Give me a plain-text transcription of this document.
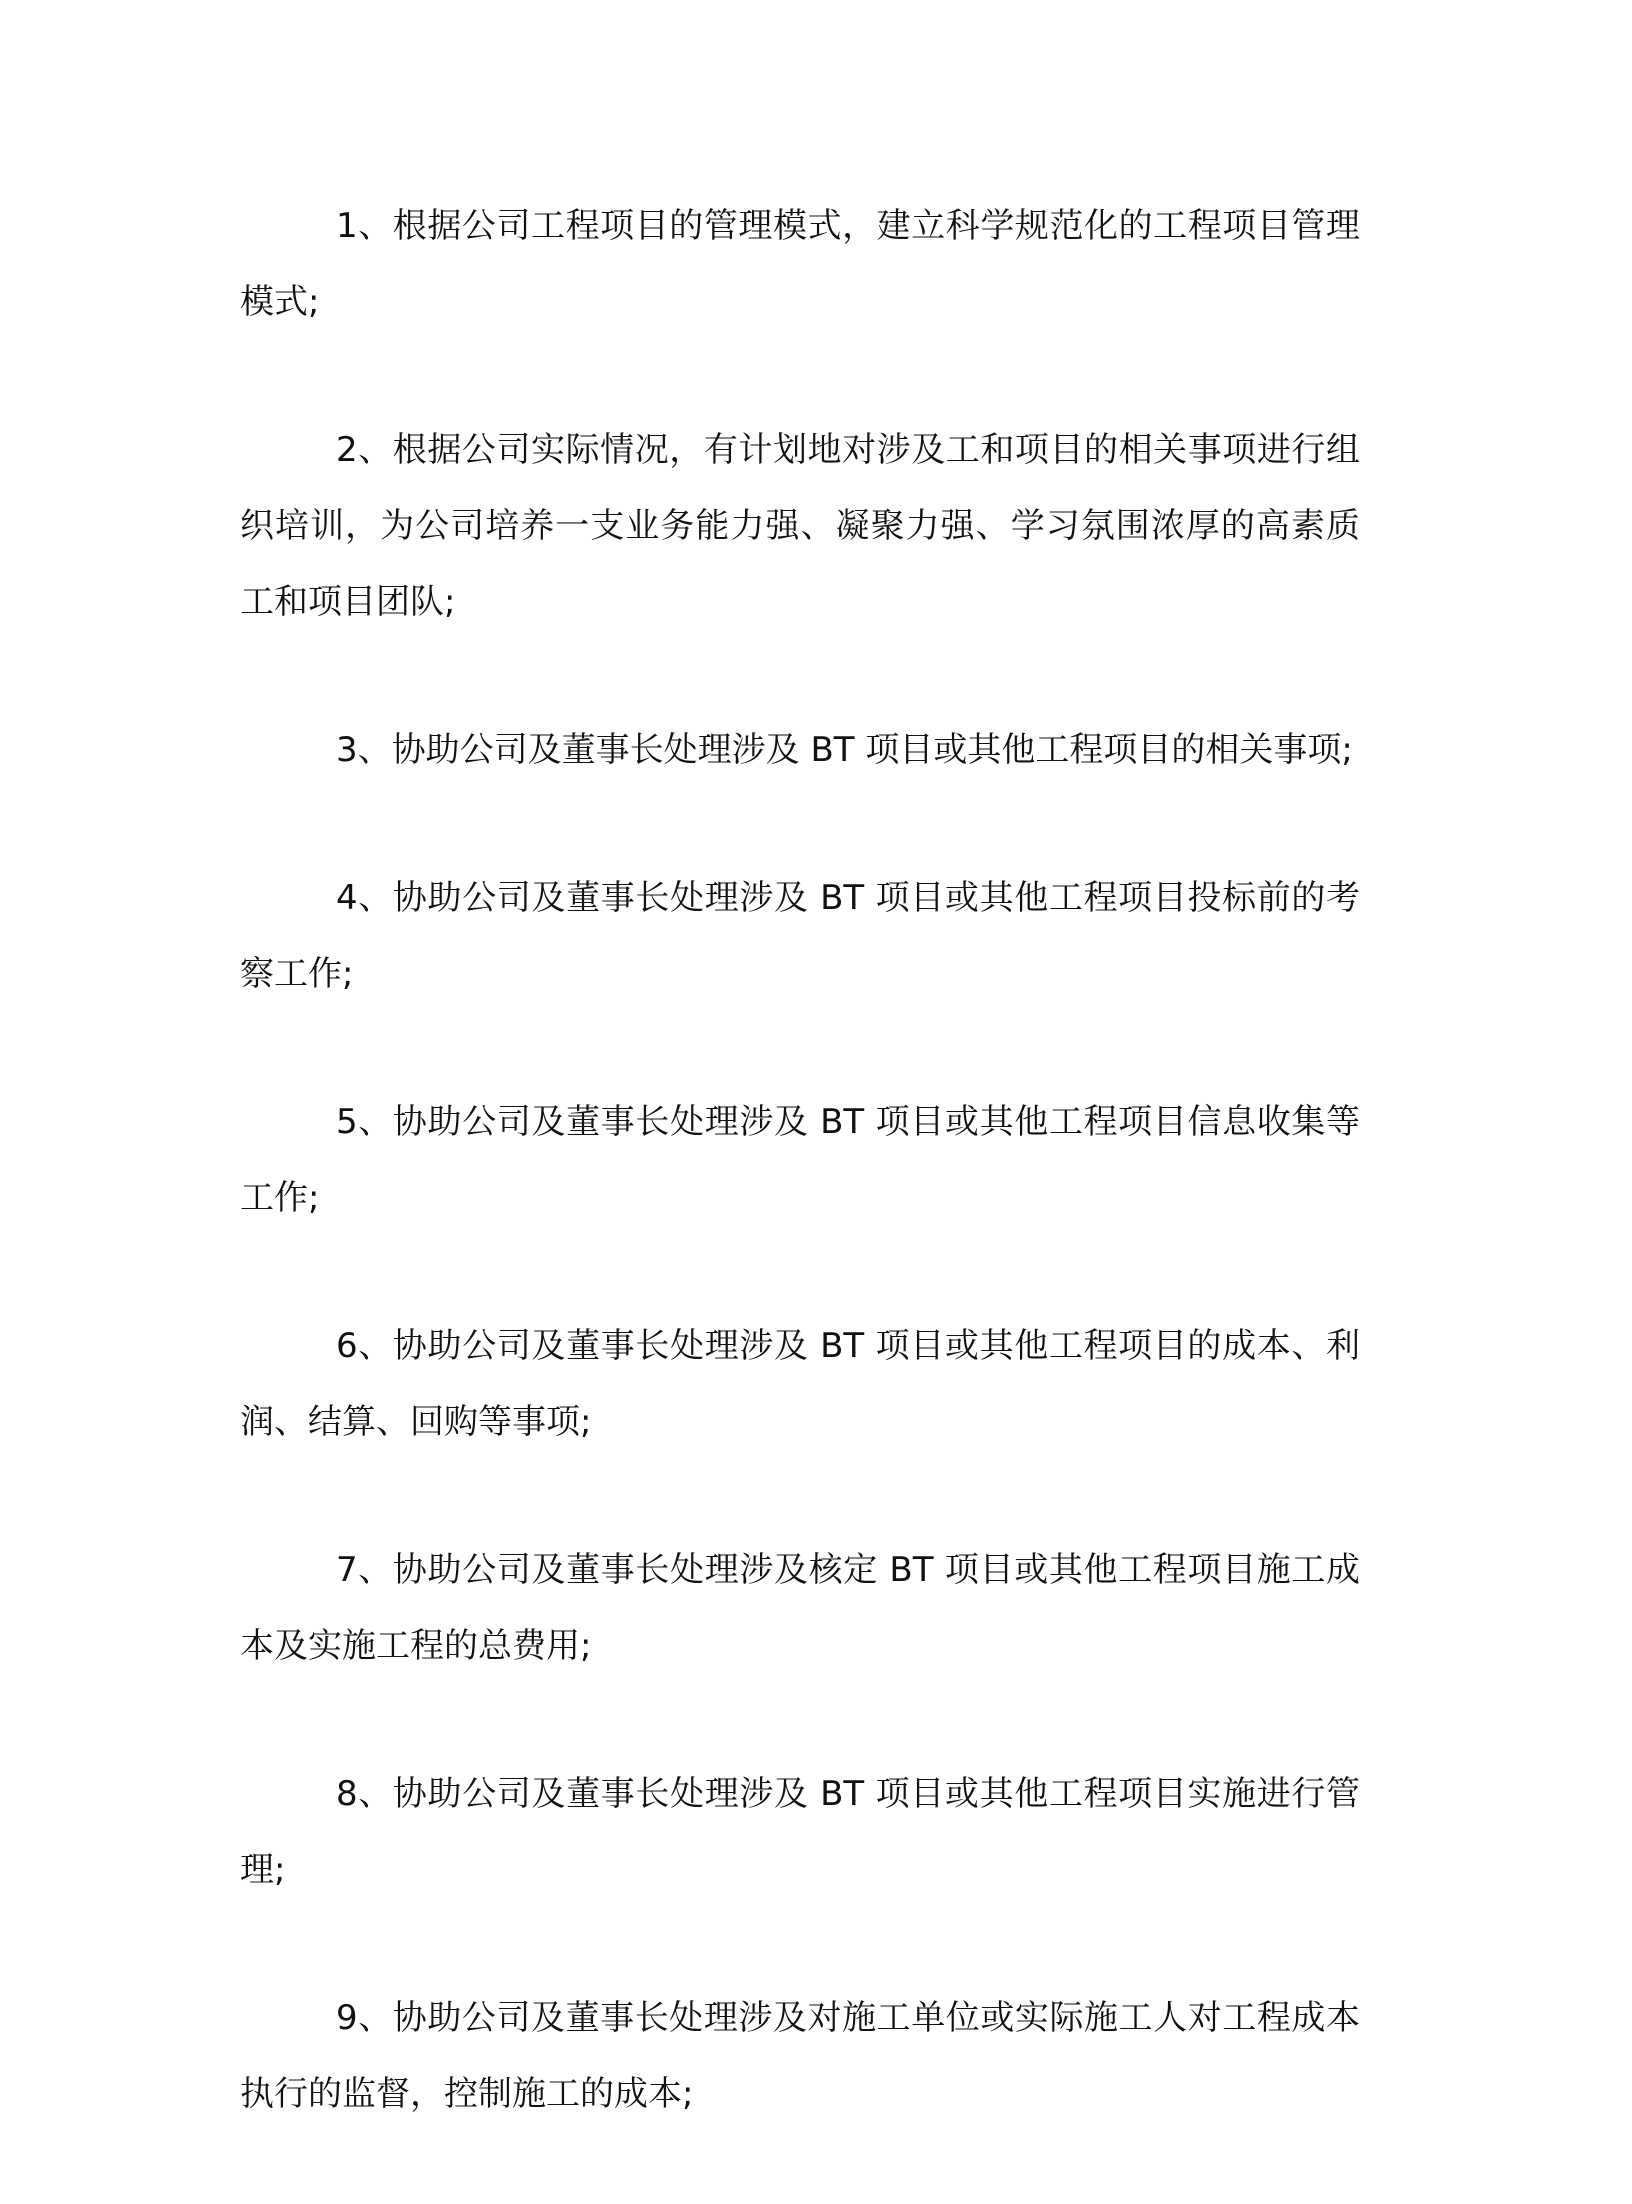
1、根据公司工程项目的管理模式，建立科学规范化的工程项目管理模式;

2、根据公司实际情况，有计划地对涉及工和项目的相关事项进行组织培训，为公司培养一支业务能力强、凝聚力强、学习氛围浓厚的高素质工和项目团队;

3、协助公司及董事长处理涉及 BT 项目或其他工程项目的相关事项;

4、协助公司及董事长处理涉及 BT 项目或其他工程项目投标前的考察工作;

5、协助公司及董事长处理涉及 BT 项目或其他工程项目信息收集等工作;

6、协助公司及董事长处理涉及 BT 项目或其他工程项目的成本、利润、结算、回购等事项;

7、协助公司及董事长处理涉及核定 BT 项目或其他工程项目施工成本及实施工程的总费用;

8、协助公司及董事长处理涉及 BT 项目或其他工程项目实施进行管理;

9、协助公司及董事长处理涉及对施工单位或实际施工人对工程成本执行的监督，控制施工的成本;
